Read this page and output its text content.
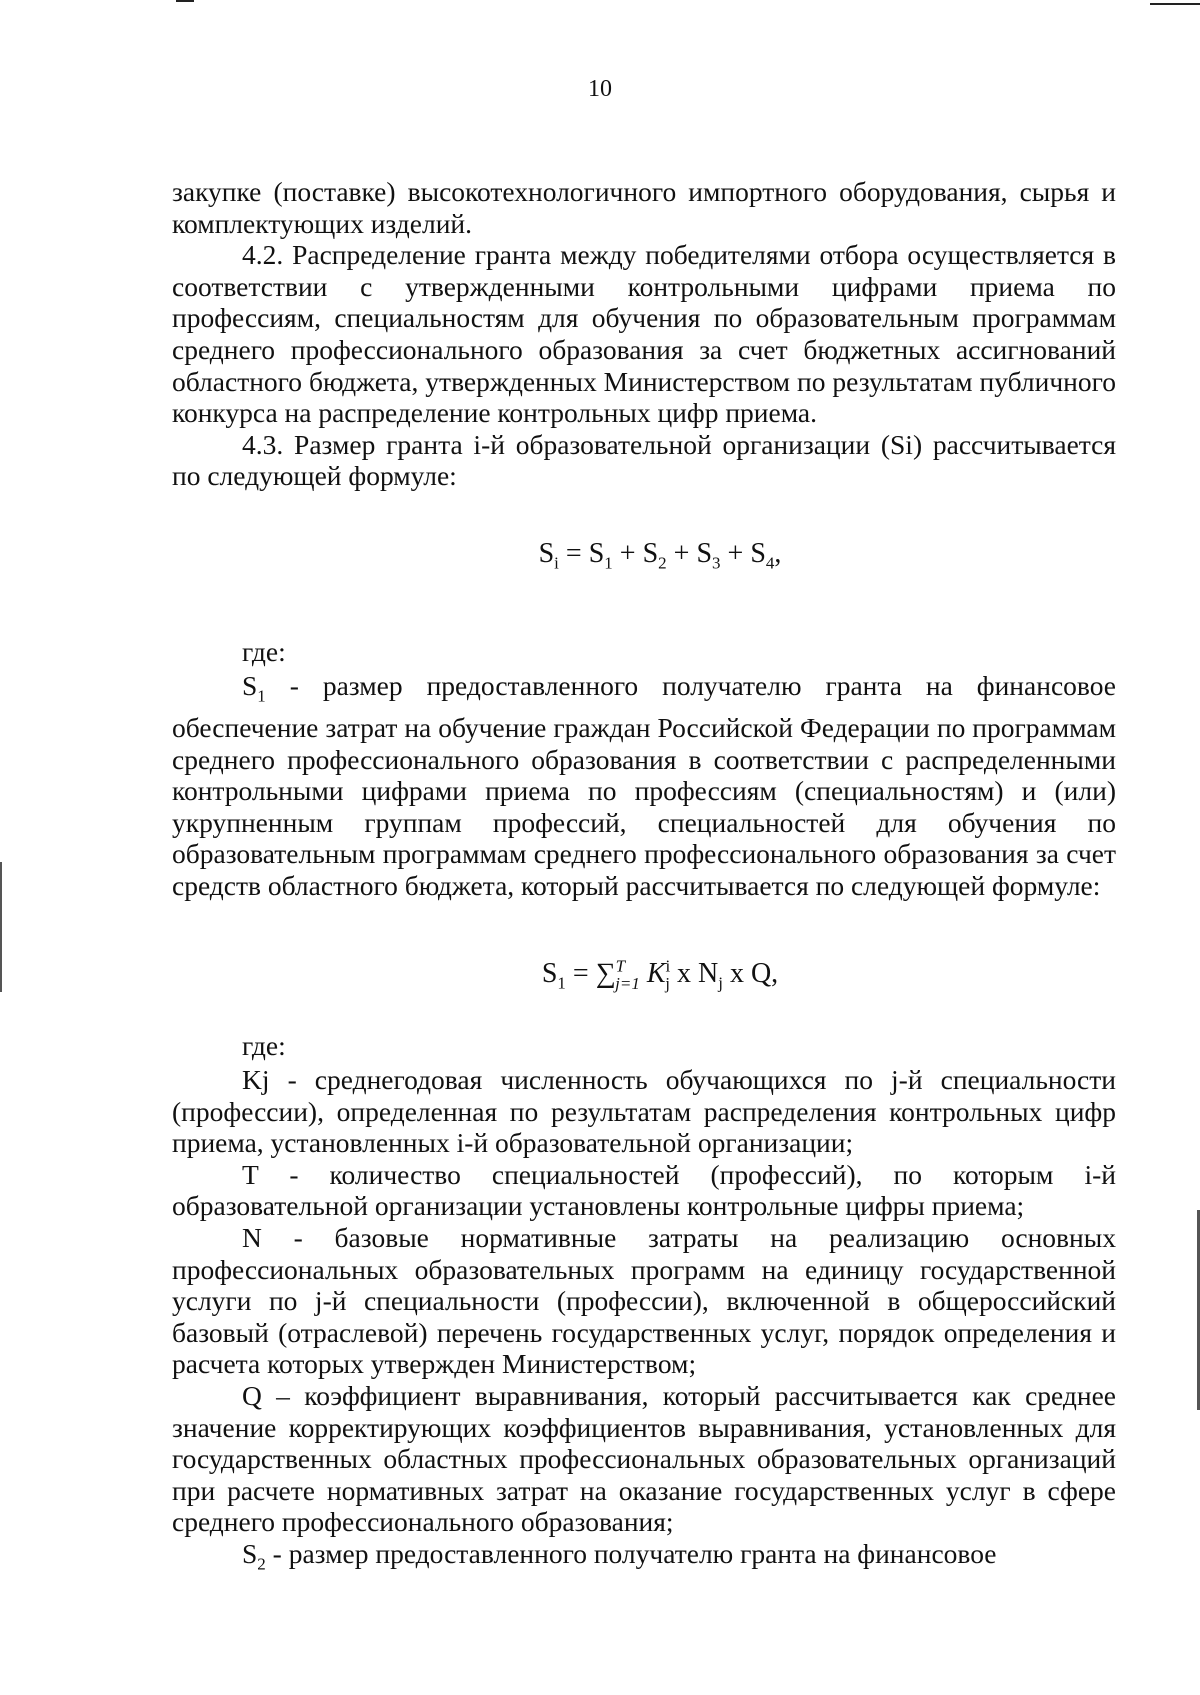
10

закупке (поставке) высокотехнологичного импортного оборудования, сырья и комплектующих изделий.

4.2. Распределение гранта между победителями отбора осуществляется в соответствии с утвержденными контрольными цифрами приема по профессиям, специальностям для обучения по образовательным программам среднего профессионального образования за счет бюджетных ассигнований областного бюджета, утвержденных Министерством по результатам публичного конкурса на распределение контрольных цифр приема.

4.3. Размер гранта i-й образовательной организации (Si) рассчитывается по следующей формуле:

$S_i = S_1 + S_2 + S_3 + S_4$,
где:

$S_1$ - размер предоставленного получателю гранта на финансовое обеспечение затрат на обучение граждан Российской Федерации по программам среднего профессионального образования в соответствии с распределенными контрольными цифрами приема по профессиям (специальностям) и (или) укрупненным группам профессий, специальностей для обучения по образовательным программам среднего профессионального образования за счет средств областного бюджета, который рассчитывается по следующей формуле:

$S_1 = \sum^T_{j=1}$ $K^i_j$ x $N_j$ x Q,
где:

Kj - среднегодовая численность обучающихся по j-й специальности (профессии), определенная по результатам распределения контрольных цифр приема, установленных i-й образовательной организации;

T - количество специальностей (профессий), по которым i-й образовательной организации установлены контрольные цифры приема;

N - базовые нормативные затраты на реализацию основных профессиональных образовательных программ на единицу государственной услуги по j-й специальности (профессии), включенной в общероссийский базовый (отраслевой) перечень государственных услуг, порядок определения и расчета которых утвержден Министерством;

Q – коэффициент выравнивания, который рассчитывается как среднее значение корректирующих коэффициентов выравнивания, установленных для государственных областных профессиональных образовательных организаций при расчете нормативных затрат на оказание государственных услуг в сфере среднего профессионального образования;

$S_2$ - размер предоставленного получателю гранта на финансовое
